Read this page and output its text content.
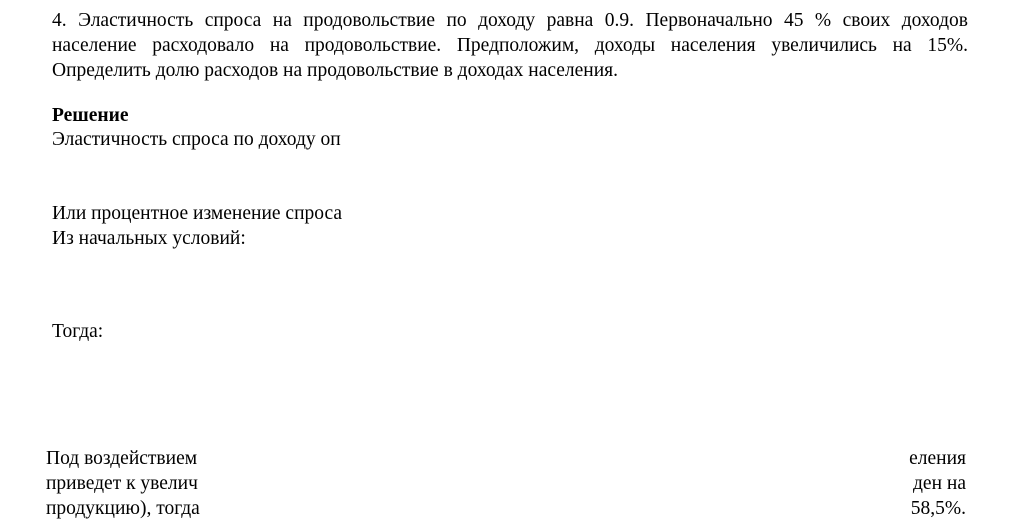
4. Эластичность спроса на продовольствие по доходу равна 0.9. Первоначально 45 % своих доходов
население расходовало на продовольствие. Предположим, доходы населения увеличились на 15%.
Определить долю расходов на продовольствие в доходах населения.
Решение
Эластичность спроса по доходу оп
Или процентное изменение спроса
Из начальных условий:
Тогда:
Под воздействием	еления
приведет к увелич	ден на
продукцию), тогда	58,5%.
